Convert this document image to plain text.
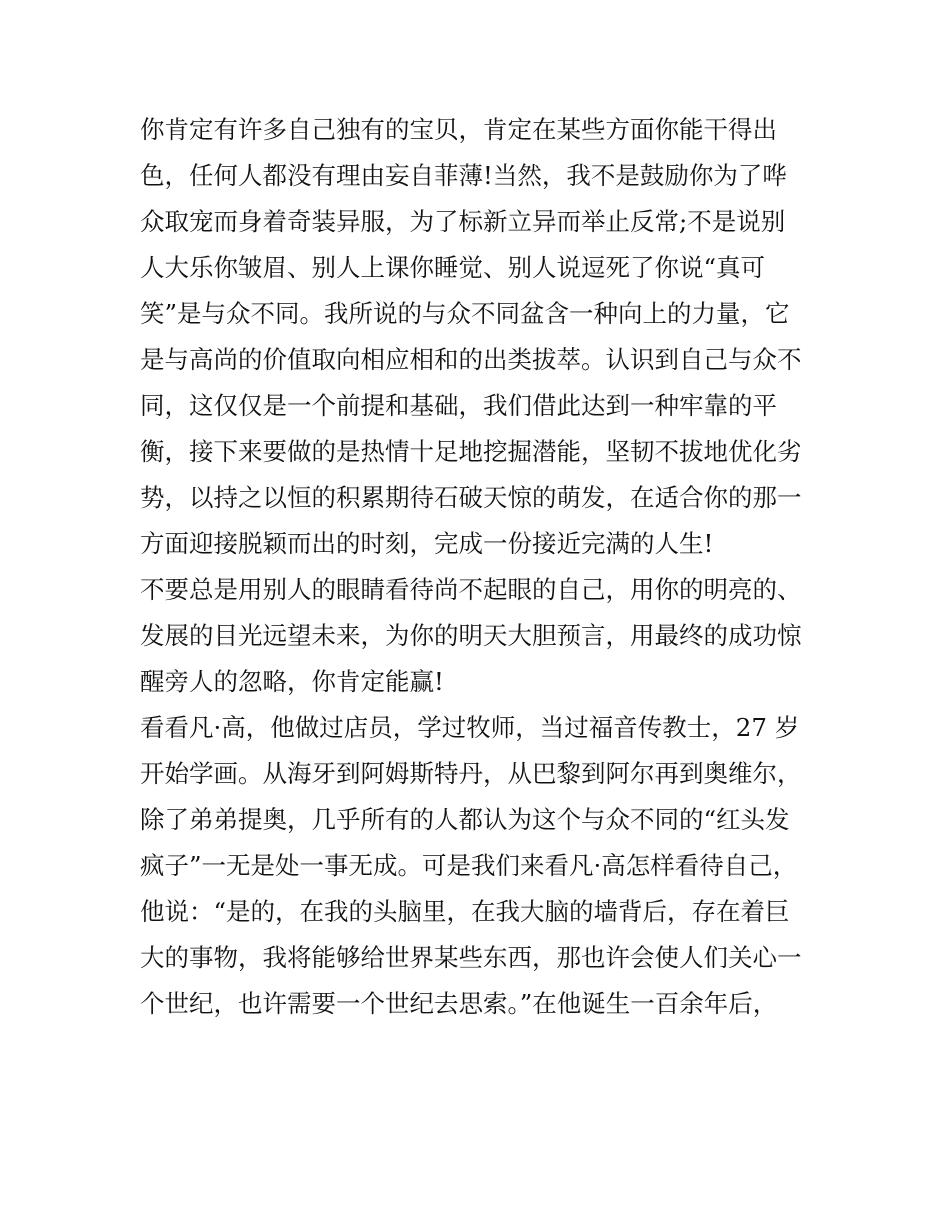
你肯定有许多自己独有的宝贝，肯定在某些方面你能干得出
色，任何人都没有理由妄自菲薄!当然，我不是鼓励你为了哗
众取宠而身着奇装异服，为了标新立异而举止反常;不是说别
人大乐你皱眉、别人上课你睡觉、别人说逗死了你说“真可
笑”是与众不同。我所说的与众不同盆含一种向上的力量，它
是与高尚的价值取向相应相和的出类拔萃。认识到自己与众不
同，这仅仅是一个前提和基础，我们借此达到一种牢靠的平
衡，接下来要做的是热情十足地挖掘潜能，坚韧不拔地优化劣
势，以持之以恒的积累期待石破天惊的萌发，在适合你的那一
方面迎接脱颖而出的时刻，完成一份接近完满的人生!
不要总是用别人的眼睛看待尚不起眼的自己，用你的明亮的、
发展的目光远望未来，为你的明天大胆预言，用最终的成功惊
醒旁人的忽略，你肯定能赢!
看看凡·高，他做过店员，学过牧师，当过福音传教士，27 岁
开始学画。从海牙到阿姆斯特丹，从巴黎到阿尔再到奥维尔，
除了弟弟提奥，几乎所有的人都认为这个与众不同的“红头发
疯子”一无是处一事无成。可是我们来看凡·高怎样看待自己，
他说：“是的，在我的头脑里，在我大脑的墙背后，存在着巨
大的事物，我将能够给世界某些东西，那也许会使人们关心一
个世纪，也许需要一个世纪去思索。”在他诞生一百余年后，
